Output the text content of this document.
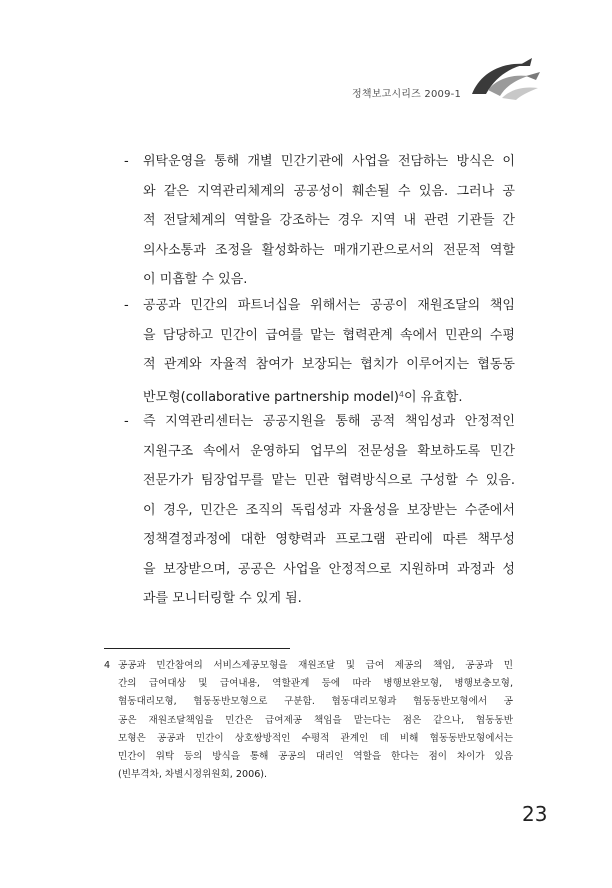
정책보고시리즈 2009-1
-	위탁운영을 통해 개별 민간기관에 사업을 전담하는 방식은 이
와 같은 지역관리체계의 공공성이 훼손될 수 있음. 그러나 공
적 전달체계의 역할을 강조하는 경우 지역 내 관련 기관들 간
의사소통과 조정을 활성화하는 매개기관으로서의 전문적 역할
이 미흡할 수 있음.
-	공공과 민간의 파트너십을 위해서는 공공이 재원조달의 책임
을 담당하고 민간이 급여를 맡는 협력관계 속에서 민관의 수평
적 관계와 자율적 참여가 보장되는 협치가 이루어지는 협동동
반모형(collaborative partnership model)$^4$이 유효함.
-	즉 지역관리센터는 공공지원을 통해 공적 책임성과 안정적인
지원구조 속에서 운영하되 업무의 전문성을 확보하도록 민간
전문가가 팀장업무를 맡는 민관 협력방식으로 구성할 수 있음.
이 경우, 민간은 조직의 독립성과 자율성을 보장받는 수준에서
정책결정과정에 대한 영향력과 프로그램 관리에 따른 책무성
을 보장받으며, 공공은 사업을 안정적으로 지원하며 과정과 성
과를 모니터링할 수 있게 됨.
4 공공과 민간참여의 서비스제공모형을 재원조달 및 급여 제공의 책임, 공공과 민
간의 급여대상 및 급여내용, 역할관계 등에 따라 병행보완모형, 병행보충모형,
협동대리모형, 협동동반모형으로 구분함. 협동대리모형과 협동동반모형에서 공
공은 재원조달책임을 민간은 급여제공 책임을 맡는다는 점은 같으나, 협동동반
모형은 공공과 민간이 상호쌍방적인 수평적 관계인 데 비해 협동동반모형에서는
민간이 위탁 등의 방식을 통해 공공의 대리인 역할을 한다는 점이 차이가 있음
(빈부격차, 차별시정위원회, 2006).
23
